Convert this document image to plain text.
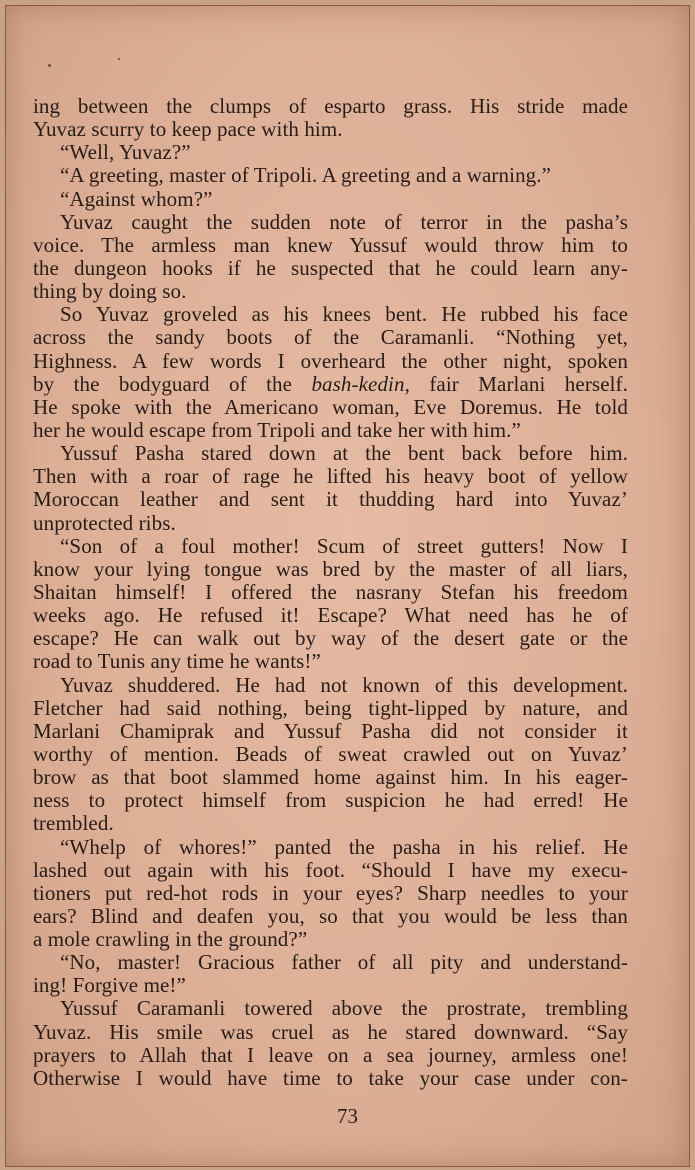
ing between the clumps of esparto grass. His stride made
Yuvaz scurry to keep pace with him.
“Well, Yuvaz?”
“A greeting, master of Tripoli. A greeting and a warning.”
“Against whom?”
Yuvaz caught the sudden note of terror in the pasha’s
voice. The armless man knew Yussuf would throw him to
the dungeon hooks if he suspected that he could learn any-
thing by doing so.
So Yuvaz groveled as his knees bent. He rubbed his face
across the sandy boots of the Caramanli. “Nothing yet,
Highness. A few words I overheard the other night, spoken
by the bodyguard of the bash-kedin, fair Marlani herself.
He spoke with the Americano woman, Eve Doremus. He told
her he would escape from Tripoli and take her with him.”
Yussuf Pasha stared down at the bent back before him.
Then with a roar of rage he lifted his heavy boot of yellow
Moroccan leather and sent it thudding hard into Yuvaz’
unprotected ribs.
“Son of a foul mother! Scum of street gutters! Now I
know your lying tongue was bred by the master of all liars,
Shaitan himself! I offered the nasrany Stefan his freedom
weeks ago. He refused it! Escape? What need has he of
escape? He can walk out by way of the desert gate or the
road to Tunis any time he wants!”
Yuvaz shuddered. He had not known of this development.
Fletcher had said nothing, being tight-lipped by nature, and
Marlani Chamiprak and Yussuf Pasha did not consider it
worthy of mention. Beads of sweat crawled out on Yuvaz’
brow as that boot slammed home against him. In his eager-
ness to protect himself from suspicion he had erred! He
trembled.
“Whelp of whores!” panted the pasha in his relief. He
lashed out again with his foot. “Should I have my execu-
tioners put red-hot rods in your eyes? Sharp needles to your
ears? Blind and deafen you, so that you would be less than
a mole crawling in the ground?”
“No, master! Gracious father of all pity and understand-
ing! Forgive me!”
Yussuf Caramanli towered above the prostrate, trembling
Yuvaz. His smile was cruel as he stared downward. “Say
prayers to Allah that I leave on a sea journey, armless one!
Otherwise I would have time to take your case under con-
73
